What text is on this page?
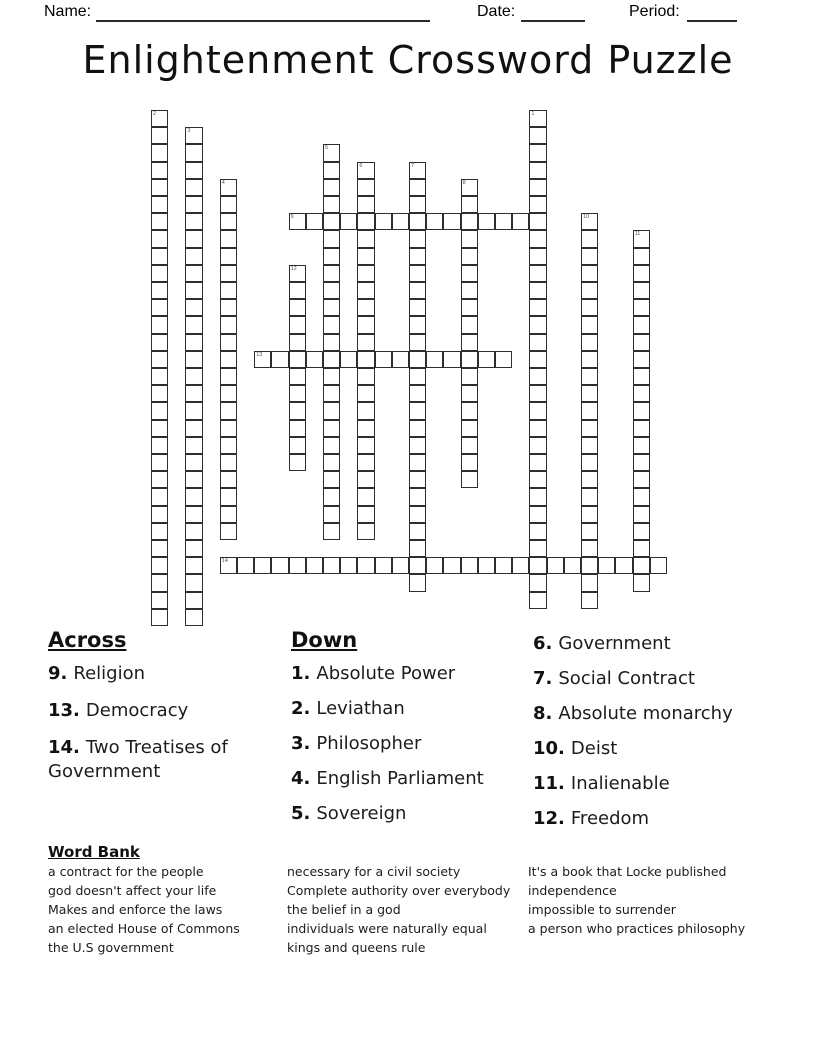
Name:	Date:	Period:
Enlightenment Crossword Puzzle
1
2
3
4
5
6	7
8
9	10
11
12
13
14
Across
9. Religion
13. Democracy
14. Two Treatises of Government
Down
1. Absolute Power
2. Leviathan
3. Philosopher
4. English Parliament
5. Sovereign
6. Government
7. Social Contract
8. Absolute monarchy
10. Deist
11. Inalienable
12. Freedom
Word Bank
a contract for the people
god doesn't affect your life
Makes and enforce the laws
an elected House of Commons
the U.S government
necessary for a civil society
Complete authority over everybody
the belief in a god
individuals were naturally equal
kings and queens rule
It's a book that Locke published
independence
impossible to surrender
a person who practices philosophy
